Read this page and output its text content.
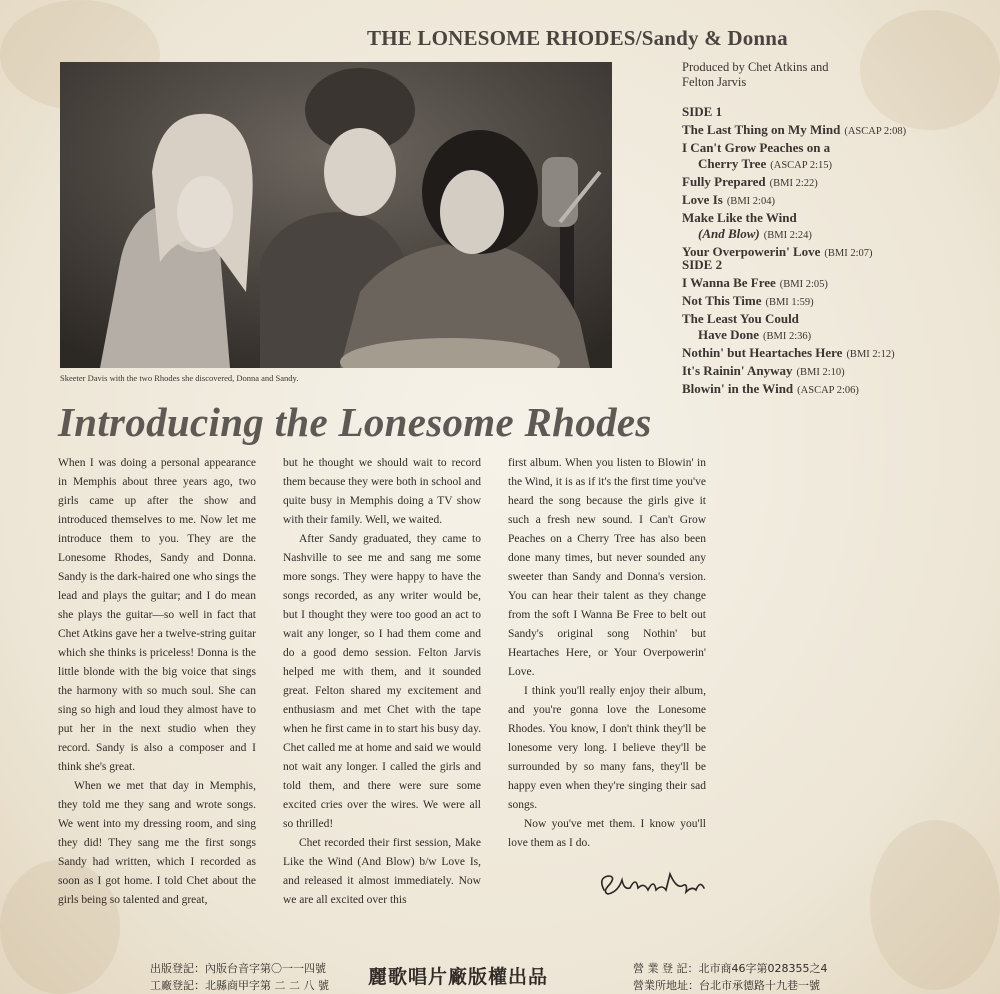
THE LONESOME RHODES/Sandy & Donna
Skeeter Davis with the two Rhodes she discovered, Donna and Sandy.
Produced by Chet Atkins and
Felton Jarvis
SIDE 1
The Last Thing on My Mind (ASCAP 2:08)
I Can't Grow Peaches on a
Cherry Tree (ASCAP 2:15)
Fully Prepared (BMI 2:22)
Love Is (BMI 2:04)
Make Like the Wind
(And Blow) (BMI 2:24)
Your Overpowerin' Love (BMI 2:07)
SIDE 2
I Wanna Be Free (BMI 2:05)
Not This Time (BMI 1:59)
The Least You Could
Have Done (BMI 2:36)
Nothin' but Heartaches Here (BMI 2:12)
It's Rainin' Anyway (BMI 2:10)
Blowin' in the Wind (ASCAP 2:06)
Introducing the Lonesome Rhodes

When I was doing a personal appearance in Memphis about three years ago, two girls came up after the show and introduced themselves to me. Now let me introduce them to you. They are the Lonesome Rhodes, Sandy and Donna. Sandy is the dark-haired one who sings the lead and plays the guitar; and I do mean she plays the guitar—so well in fact that Chet Atkins gave her a twelve-string guitar which she thinks is priceless! Donna is the little blonde with the big voice that sings the harmony with so much soul. She can sing so high and loud they almost have to put her in the next studio when they record. Sandy is also a composer and I think she's great.

When we met that day in Memphis, they told me they sang and wrote songs. We went into my dressing room, and sing they did! They sang me the first songs Sandy had written, which I recorded as soon as I got home. I told Chet about the girls being so talented and great,

but he thought we should wait to record them because they were both in school and quite busy in Memphis doing a TV show with their family. Well, we waited.

After Sandy graduated, they came to Nashville to see me and sang me some more songs. They were happy to have the songs recorded, as any writer would be, but I thought they were too good an act to wait any longer, so I had them come and do a good demo session. Felton Jarvis helped me with them, and it sounded great. Felton shared my excitement and enthusiasm and met Chet with the tape when he first came in to start his busy day. Chet called me at home and said we would not wait any longer. I called the girls and told them, and there were sure some excited cries over the wires. We were all so thrilled!

Chet recorded their first session, Make Like the Wind (And Blow) b/w Love Is, and released it almost immediately. Now we are all excited over this

first album. When you listen to Blowin' in the Wind, it is as if it's the first time you've heard the song because the girls give it such a fresh new sound. I Can't Grow Peaches on a Cherry Tree has also been done many times, but never sounded any sweeter than Sandy and Donna's version. You can hear their talent as they change from the soft I Wanna Be Free to belt out Sandy's original song Nothin' but Heartaches Here, or Your Overpowerin' Love.

I think you'll really enjoy their album, and you're gonna love the Lonesome Rhodes. You know, I don't think they'll be lonesome very long. I believe they'll be surrounded by so many fans, they'll be happy even when they're singing their sad songs.

Now you've met them. I know you'll love them as I do.

出版登記：內版台音字第〇一一四號
工廠登記：北縣商甲字第 二 二 八 號 麗歌唱片廠版權出品	營 業 登 記：北市商46字第028355之4
營業所地址：台北市承德路十九巷一號
